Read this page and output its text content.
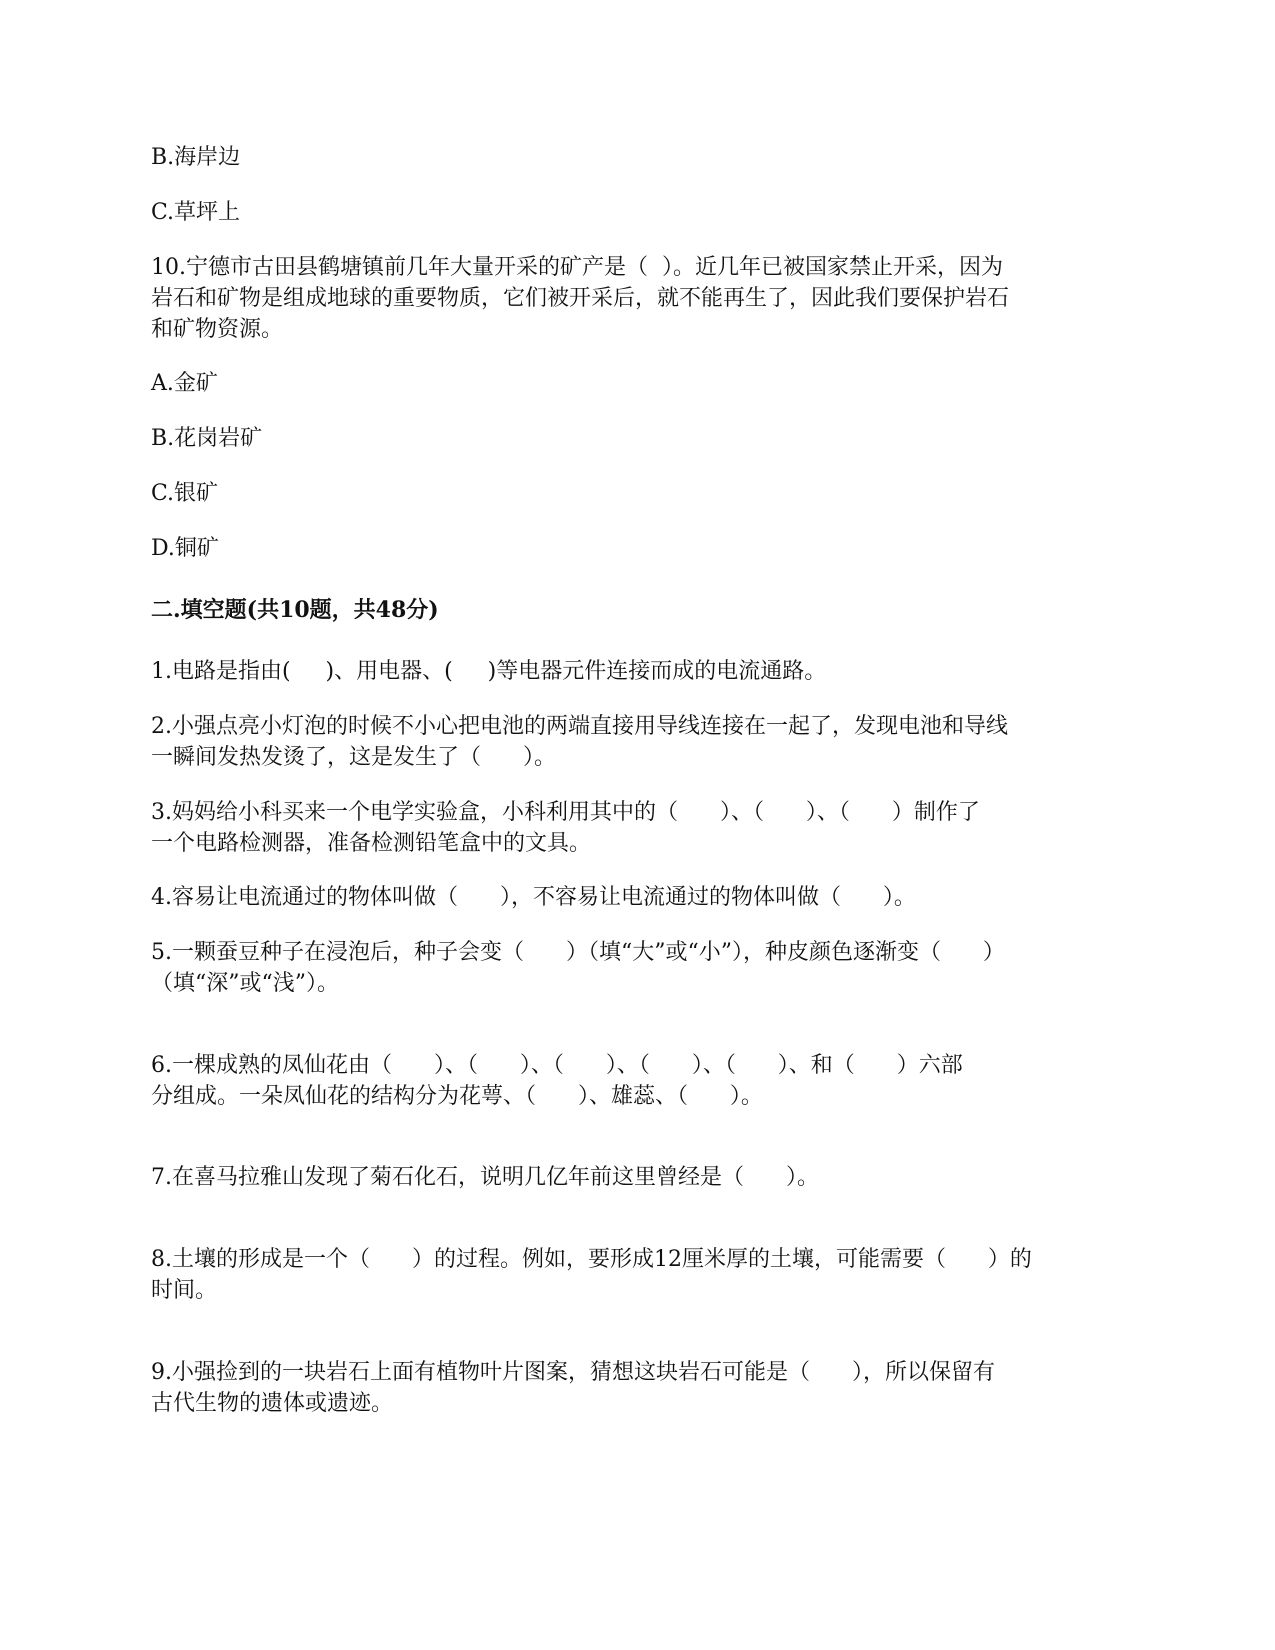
B.海岸边

C.草坪上

10.宁德市古田县鹤塘镇前几年大量开采的矿产是（  ）。近几年已被国家禁止开采，因为

岩石和矿物是组成地球的重要物质，它们被开采后，就不能再生了，因此我们要保护岩石

和矿物资源。

A.金矿

B.花岗岩矿

C.银矿

D.铜矿

二.填空题(共10题，共48分)

1.电路是指由(     )、用电器、(     )等电器元件连接而成的电流通路。

2.小强点亮小灯泡的时候不小心把电池的两端直接用导线连接在一起了，发现电池和导线

一瞬间发热发烫了，这是发生了（      ）。

3.妈妈给小科买来一个电学实验盒，小科利用其中的（      ）、（      ）、（      ）制作了

一个电路检测器，准备检测铅笔盒中的文具。

4.容易让电流通过的物体叫做（      ），不容易让电流通过的物体叫做（      ）。

5.一颗蚕豆种子在浸泡后，种子会变（      ）（填“大”或“小”），种皮颜色逐渐变（      ）

（填“深”或“浅”）。

6.一棵成熟的凤仙花由（      ）、（      ）、（      ）、（      ）、（      ）、和（      ）六部

分组成。一朵凤仙花的结构分为花萼、（      ）、雄蕊、（      ）。

7.在喜马拉雅山发现了菊石化石，说明几亿年前这里曾经是（      ）。

8.土壤的形成是一个（      ）的过程。例如，要形成12厘米厚的土壤，可能需要（      ）的

时间。

9.小强捡到的一块岩石上面有植物叶片图案，猜想这块岩石可能是（      ），所以保留有

古代生物的遗体或遗迹。
